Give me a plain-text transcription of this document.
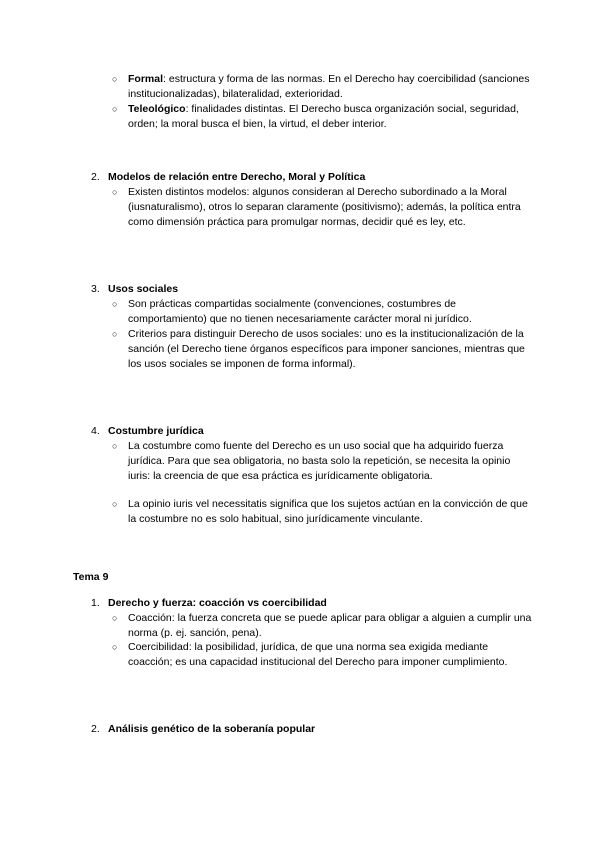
○ Formal: estructura y forma de las normas. En el Derecho hay coercibilidad (sanciones institucionalizadas), bilateralidad, exterioridad.
○ Teleológico: finalidades distintas. El Derecho busca organización social, seguridad, orden; la moral busca el bien, la virtud, el deber interior.
2. Modelos de relación entre Derecho, Moral y Política
○ Existen distintos modelos: algunos consideran al Derecho subordinado a la Moral (iusnaturalismo), otros lo separan claramente (positivismo); además, la política entra como dimensión práctica para promulgar normas, decidir qué es ley, etc.
3. Usos sociales
○ Son prácticas compartidas socialmente (convenciones, costumbres de comportamiento) que no tienen necesariamente carácter moral ni jurídico.
○ Criterios para distinguir Derecho de usos sociales: uno es la institucionalización de la sanción (el Derecho tiene órganos específicos para imponer sanciones, mientras que los usos sociales se imponen de forma informal).
4. Costumbre jurídica
○ La costumbre como fuente del Derecho es un uso social que ha adquirido fuerza jurídica. Para que sea obligatoria, no basta solo la repetición, se necesita la opinio iuris: la creencia de que esa práctica es jurídicamente obligatoria.
○ La opinio iuris vel necessitatis significa que los sujetos actúan en la convicción de que la costumbre no es solo habitual, sino jurídicamente vinculante.
Tema 9
1. Derecho y fuerza: coacción vs coercibilidad
○ Coacción: la fuerza concreta que se puede aplicar para obligar a alguien a cumplir una norma (p. ej. sanción, pena).
○ Coercibilidad: la posibilidad, jurídica, de que una norma sea exigida mediante coacción; es una capacidad institucional del Derecho para imponer cumplimiento.
2. Análisis genético de la soberanía popular
